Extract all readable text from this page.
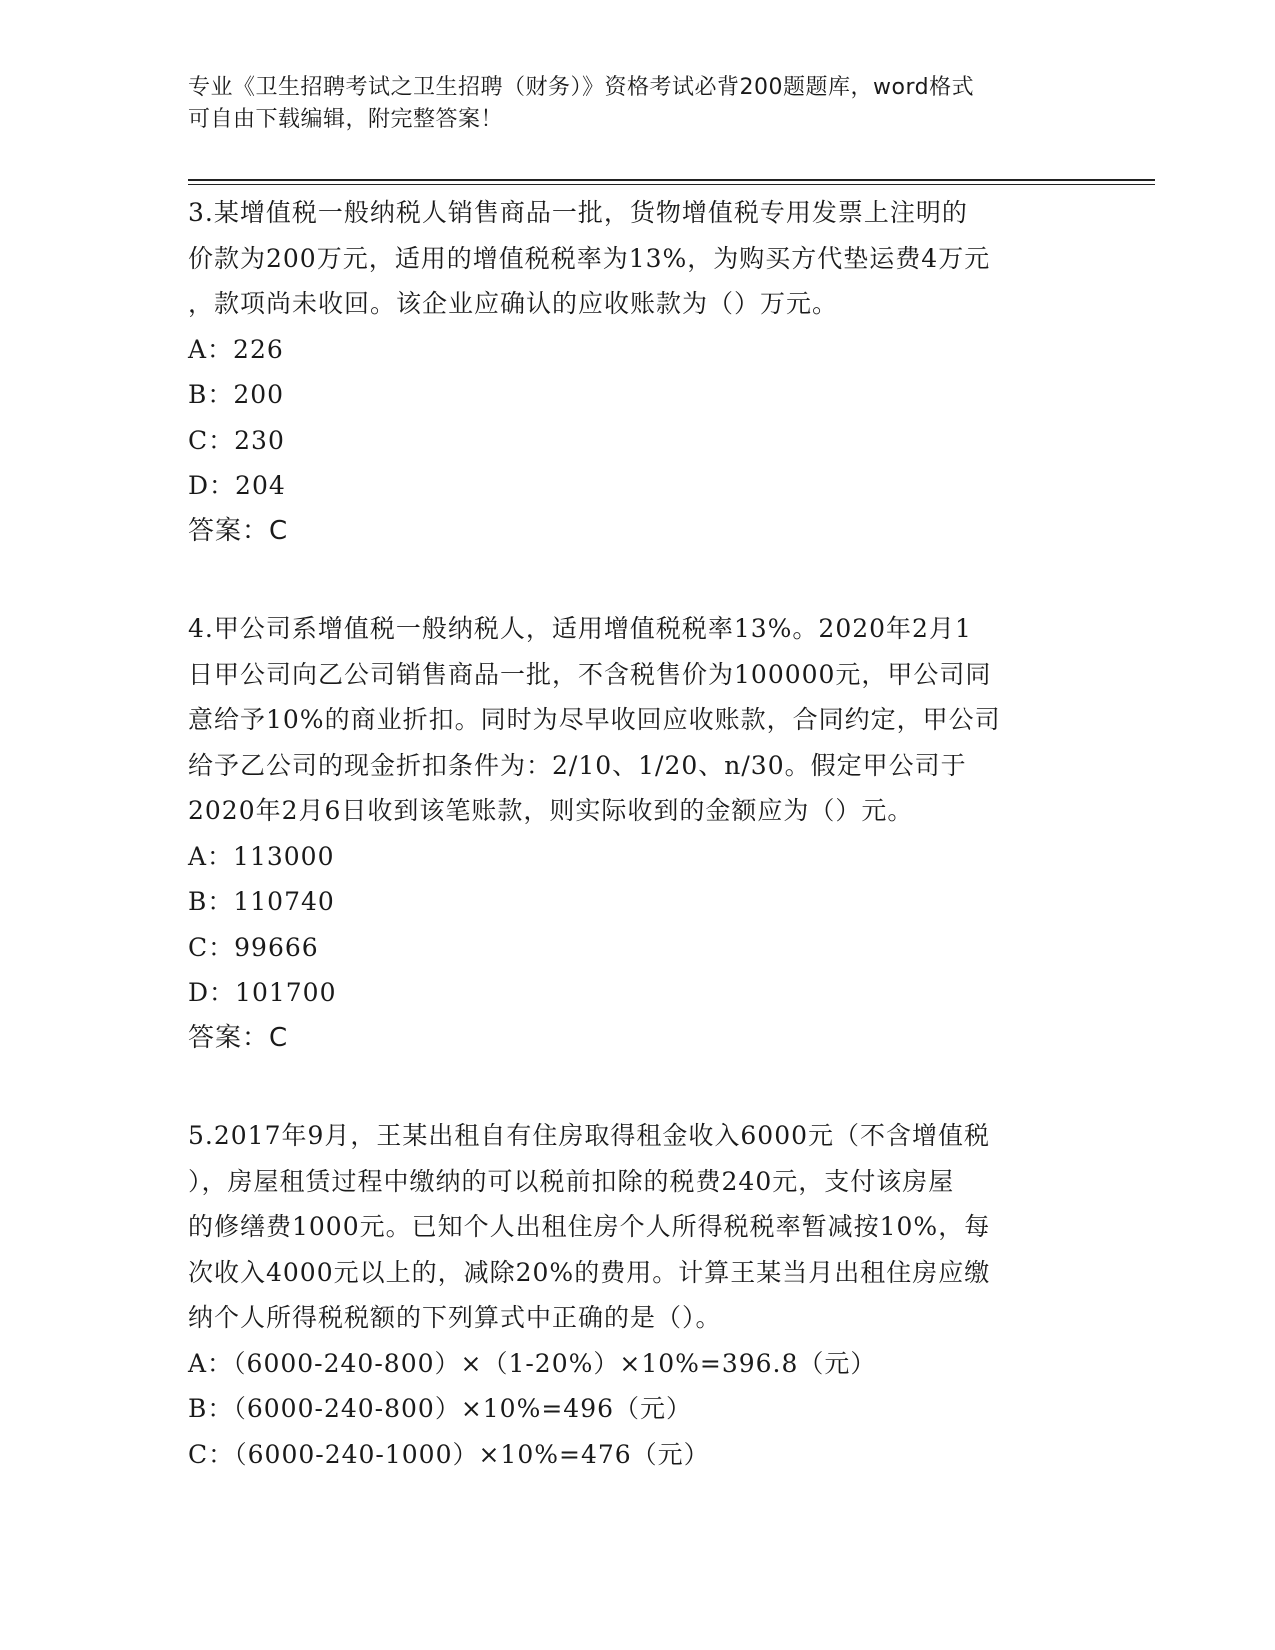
专业《卫生招聘考试之卫生招聘（财务）》资格考试必背200题题库，word格式

可自由下载编辑，附完整答案！

3.某增值税一般纳税人销售商品一批，货物增值税专用发票上注明的

价款为200万元，适用的增值税税率为13%，为购买方代垫运费4万元

，款项尚未收回。该企业应确认的应收账款为（）万元。

A：226

B：200

C：230

D：204

答案：C

4.甲公司系增值税一般纳税人，适用增值税税率13%。2020年2月1

日甲公司向乙公司销售商品一批，不含税售价为100000元，甲公司同

意给予10%的商业折扣。同时为尽早收回应收账款，合同约定，甲公司

给予乙公司的现金折扣条件为：2/10、1/20、n/30。假定甲公司于

2020年2月6日收到该笔账款，则实际收到的金额应为（）元。

A：113000

B：110740

C：99666

D：101700

答案：C

5.2017年9月，王某出租自有住房取得租金收入6000元（不含增值税

），房屋租赁过程中缴纳的可以税前扣除的税费240元，支付该房屋

的修缮费1000元。已知个人出租住房个人所得税税率暂减按10%，每

次收入4000元以上的，减除20%的费用。计算王某当月出租住房应缴

纳个人所得税税额的下列算式中正确的是（）。

A：（6000-240-800）×（1-20%）×10%=396.8（元）

B：（6000-240-800）×10%=496（元）

C：（6000-240-1000）×10%=476（元）
